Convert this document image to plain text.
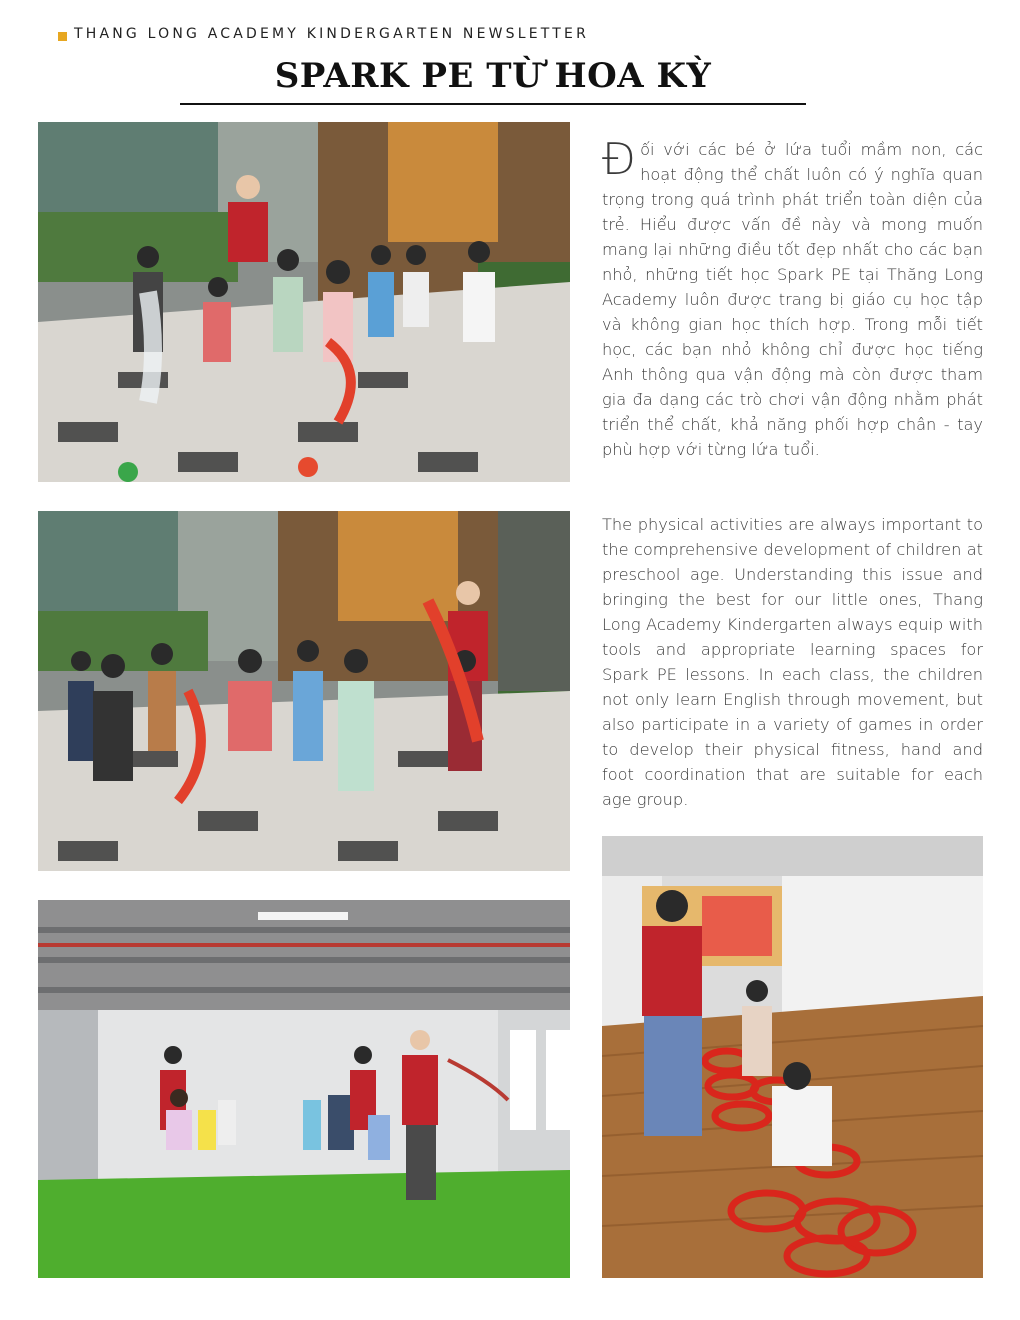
THANG LONG ACADEMY KINDERGARTEN NEWSLETTER
SPARK PE TỪ HOA KỲ
Đối với các bé ở lứa tuổi mầm non, các hoạt động thể chất luôn có ý nghĩa quan trọng trong quá trình phát triển toàn diện của trẻ. Hiểu được vấn đề này và mong muốn mang lại những điều tốt đẹp nhất cho các bạn nhỏ, những tiết học Spark PE tại Thăng Long Academy luôn được trang bị giáo cụ học tập và không gian học thích hợp. Trong mỗi tiết học, các bạn nhỏ không chỉ được học tiếng Anh thông qua vận động mà còn được tham gia đa dạng các trò chơi vận động nhằm phát triển thể chất, khả năng phối hợp chân - tay phù hợp với từng lứa tuổi.
The physical activities are always important to the comprehensive development of children at preschool age. Understanding this issue and bringing the best for our little ones, Thang Long Academy Kindergarten always equip with tools and appropriate learning spaces for Spark PE lessons. In each class, the children not only learn English through movement, but also participate in a variety of games in order to develop their physical fitness, hand and foot coordination that are suitable for each age group.
